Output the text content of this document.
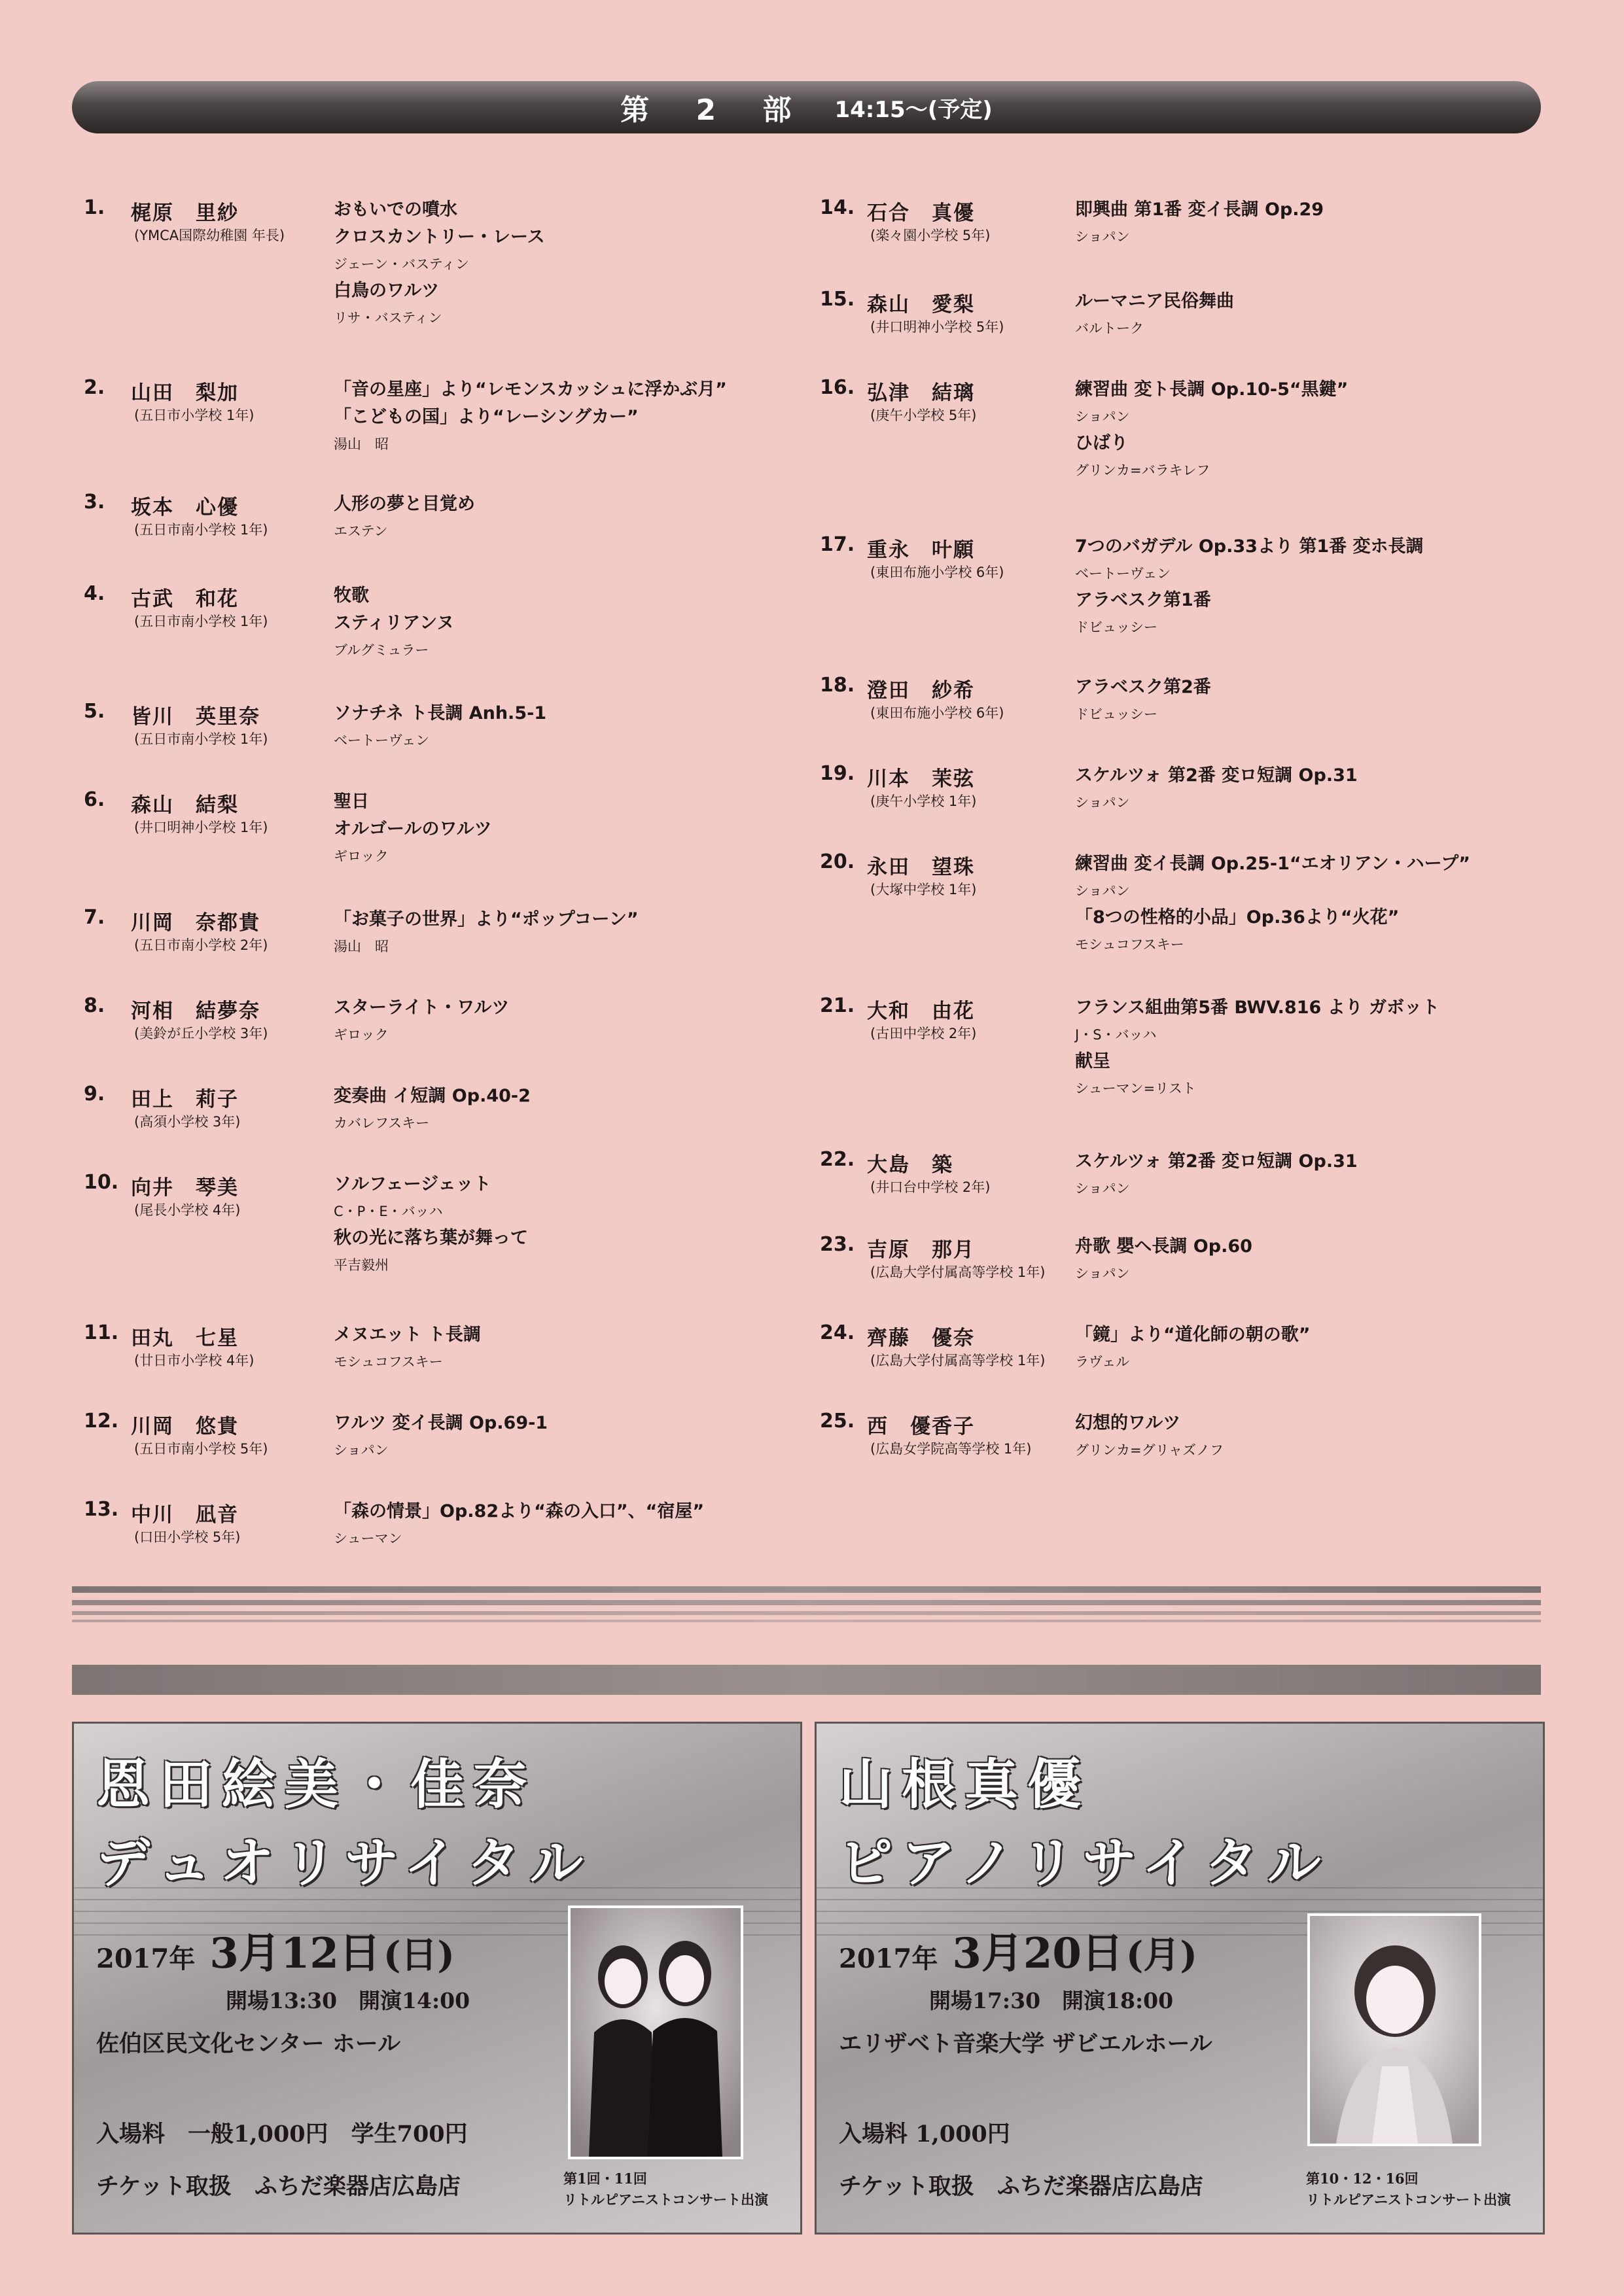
第 2 部 14:15〜(予定)
1.	梶原　里紗
(YMCA国際幼稚園 年長)
おもいでの噴水
クロスカントリー・レース
ジェーン・バスティン
白鳥のワルツ
リサ・バスティン
2.	山田　梨加
(五日市小学校 1年)
「音の星座」より“レモンスカッシュに浮かぶ月”
「こどもの国」より“レーシングカー”
湯山　昭
3.	坂本　心優
(五日市南小学校 1年)
人形の夢と目覚め
エステン
4.	古武　和花
(五日市南小学校 1年)
牧歌
スティリアンヌ
ブルグミュラー
5.	皆川　英里奈
(五日市南小学校 1年)
ソナチネ ト長調 Anh.5-1
ベートーヴェン
6.	森山　結梨
(井口明神小学校 1年)
聖日
オルゴールのワルツ
ギロック
7.	川岡　奈都貴
(五日市南小学校 2年)
「お菓子の世界」より“ポップコーン”
湯山　昭
8.	河相　結夢奈
(美鈴が丘小学校 3年)
スターライト・ワルツ
ギロック
9.	田上　莉子
(高須小学校 3年)
変奏曲 イ短調 Op.40-2
カバレフスキー
10. 向井　琴美
(尾長小学校 4年)
ソルフェージェット
C・P・E・バッハ
秋の光に落ち葉が舞って
平吉毅州
11. 田丸　七星
(廿日市小学校 4年)
メヌエット ト長調
モシュコフスキー
12. 川岡　悠貴
(五日市南小学校 5年)
ワルツ 変イ長調 Op.69-1
ショパン
13. 中川　凪音
(口田小学校 5年)
「森の情景」Op.82より“森の入口”、“宿屋”
シューマン
14. 石合　真優
(楽々園小学校 5年)
即興曲 第1番 変イ長調 Op.29
ショパン
15. 森山　愛梨
(井口明神小学校 5年)
ルーマニア民俗舞曲
バルトーク
16. 弘津　結璃
(庚午小学校 5年)
練習曲 変ト長調 Op.10-5“黒鍵”
ショパン
ひばり
グリンカ=バラキレフ
17. 重永　叶願
(東田布施小学校 6年)
7つのバガデル Op.33より 第1番 変ホ長調
ベートーヴェン
アラベスク第1番
ドビュッシー
18. 澄田　紗希
(東田布施小学校 6年)
アラベスク第2番
ドビュッシー
19. 川本　茉弦
(庚午小学校 1年)
スケルツォ 第2番 変ロ短調 Op.31
ショパン
20. 永田　望珠
(大塚中学校 1年)
練習曲 変イ長調 Op.25-1“エオリアン・ハープ”
ショパン
「8つの性格的小品」Op.36より“火花”
モシュコフスキー
21. 大和　由花
(古田中学校 2年)
フランス組曲第5番 BWV.816 より ガボット
J・S・バッハ
献呈
シューマン=リスト
22. 大島　築
(井口台中学校 2年)
スケルツォ 第2番 変ロ短調 Op.31
ショパン
23. 吉原　那月
(広島大学付属高等学校 1年)
舟歌 嬰ヘ長調 Op.60
ショパン
24. 齊藤　優奈
(広島大学付属高等学校 1年)
「鏡」より“道化師の朝の歌”
ラヴェル
25. 西　優香子
(広島女学院高等学校 1年)
幻想的ワルツ
グリンカ=グリャズノフ
恩田絵美・佳奈
デュオリサイタル
2017年 3月12日(日)
開場13:30　開演14:00
佐伯区民文化センター ホール
入場料　一般1,000円　学生700円
チケット取扱　ふちだ楽器店広島店	第1回・11回
リトルピアニストコンサート出演
山根真優
ピアノリサイタル
2017年 3月20日(月)
開場17:30　開演18:00
エリザベト音楽大学 ザビエルホール
入場料 1,000円
チケット取扱　ふちだ楽器店広島店	第10・12・16回
リトルピアニストコンサート出演
